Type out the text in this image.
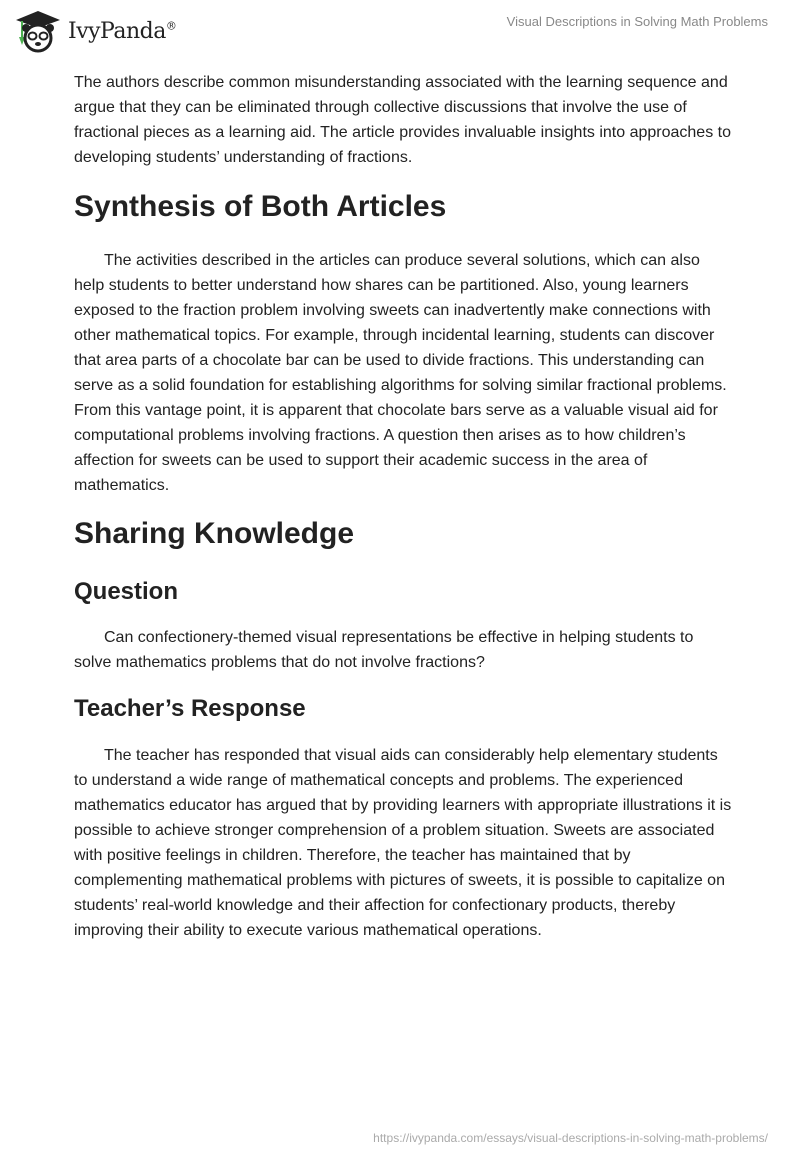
IvyPanda®	Visual Descriptions in Solving Math Problems

The authors describe common misunderstanding associated with the learning sequence and argue that they can be eliminated through collective discussions that involve the use of fractional pieces as a learning aid. The article provides invaluable insights into approaches to developing students’ understanding of fractions.

Synthesis of Both Articles

The activities described in the articles can produce several solutions, which can also help students to better understand how shares can be partitioned. Also, young learners exposed to the fraction problem involving sweets can inadvertently make connections with other mathematical topics. For example, through incidental learning, students can discover that area parts of a chocolate bar can be used to divide fractions. This understanding can serve as a solid foundation for establishing algorithms for solving similar fractional problems. From this vantage point, it is apparent that chocolate bars serve as a valuable visual aid for computational problems involving fractions. A question then arises as to how children’s affection for sweets can be used to support their academic success in the area of mathematics.

Sharing Knowledge
Question

Can confectionery-themed visual representations be effective in helping students to solve mathematics problems that do not involve fractions?

Teacher’s Response

The teacher has responded that visual aids can considerably help elementary students to understand a wide range of mathematical concepts and problems. The experienced mathematics educator has argued that by providing learners with appropriate illustrations it is possible to achieve stronger comprehension of a problem situation. Sweets are associated with positive feelings in children. Therefore, the teacher has maintained that by complementing mathematical problems with pictures of sweets, it is possible to capitalize on students’ real-world knowledge and their affection for confectionary products, thereby improving their ability to execute various mathematical operations.

https://ivypanda.com/essays/visual-descriptions-in-solving-math-problems/
